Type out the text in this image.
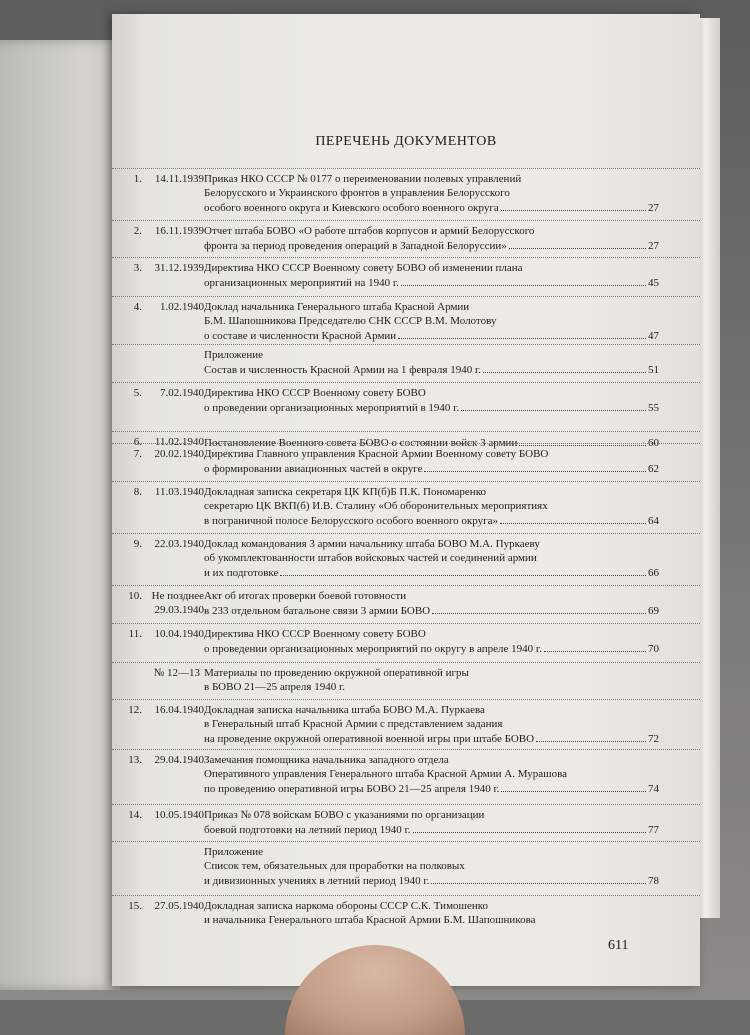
ПЕРЕЧЕНЬ ДОКУМЕНТОВ
1.	14.11.1939 Приказ НКО СССР № 0177 о переименовании полевых управлений
Белорусского и Украинского фронтов в управления Белорусского
особого военного округа и Киевского особого военного округа	27
2.	16.11.1939 Отчет штаба БОВО «О работе штабов корпусов и армий Белорусского
фронта за период проведения операций в Западной Белоруссии»	27
3.	31.12.1939 Директива НКО СССР Военному совету БОВО об изменении плана
организационных мероприятий на 1940 г.	45
4.	1.02.1940 Доклад начальника Генерального штаба Красной Армии
Б.М. Шапошникова Председателю СНК СССР В.М. Молотову
о составе и численности Красной Армии	47
Приложение
Состав и численность Красной Армии на 1 февраля 1940 г.	51
5.	7.02.1940 Директива НКО СССР Военному совету БОВО
о проведении организационных мероприятий в 1940 г.	55
6.	11.02.1940 Постановление Военного совета БОВО о состоянии войск 3 армии	60
7.	20.02.1940 Директива Главного управления Красной Армии Военному совету БОВО
о формировании авиационных частей в округе	62
8.	11.03.1940 Докладная записка секретаря ЦК КП(б)Б П.К. Пономаренко
секретарю ЦК ВКП(б) И.В. Сталину «Об оборонительных мероприятиях
в пограничной полосе Белорусского особого военного округа»	64
9.	22.03.1940 Доклад командования 3 армии начальнику штаба БОВО М.А. Пуркаеву
об укомплектованности штабов войсковых частей и соединений армии
и их подготовке	66
10. Не позднее
29.03.1940
Акт об итогах проверки боевой готовности
в 233 отдельном батальоне связи 3 армии БОВО	69
11.	10.04.1940 Директива НКО СССР Военному совету БОВО
о проведении организационных мероприятий по округу в апреле 1940 г.	70
№ 12—13 Материалы по проведению окружной оперативной игры
в БОВО 21—25 апреля 1940 г.
12.	16.04.1940 Докладная записка начальника штаба БОВО М.А. Пуркаева
в Генеральный штаб Красной Армии с представлением задания
на проведение окружной оперативной военной игры при штабе БОВО	72
13.	29.04.1940 Замечания помощника начальника западного отдела
Оперативного управления Генерального штаба Красной Армии А. Мурашова
по проведению оперативной игры БОВО 21—25 апреля 1940 г.	74
14.	10.05.1940 Приказ № 078 войскам БОВО с указаниями по организации
боевой подготовки на летний период 1940 г.	77
Приложение
Список тем, обязательных для проработки на полковых
и дивизионных учениях в летний период 1940 г.	78
15.	27.05.1940 Докладная записка наркома обороны СССР С.К. Тимошенко
и начальника Генерального штаба Красной Армии Б.М. Шапошникова

611
